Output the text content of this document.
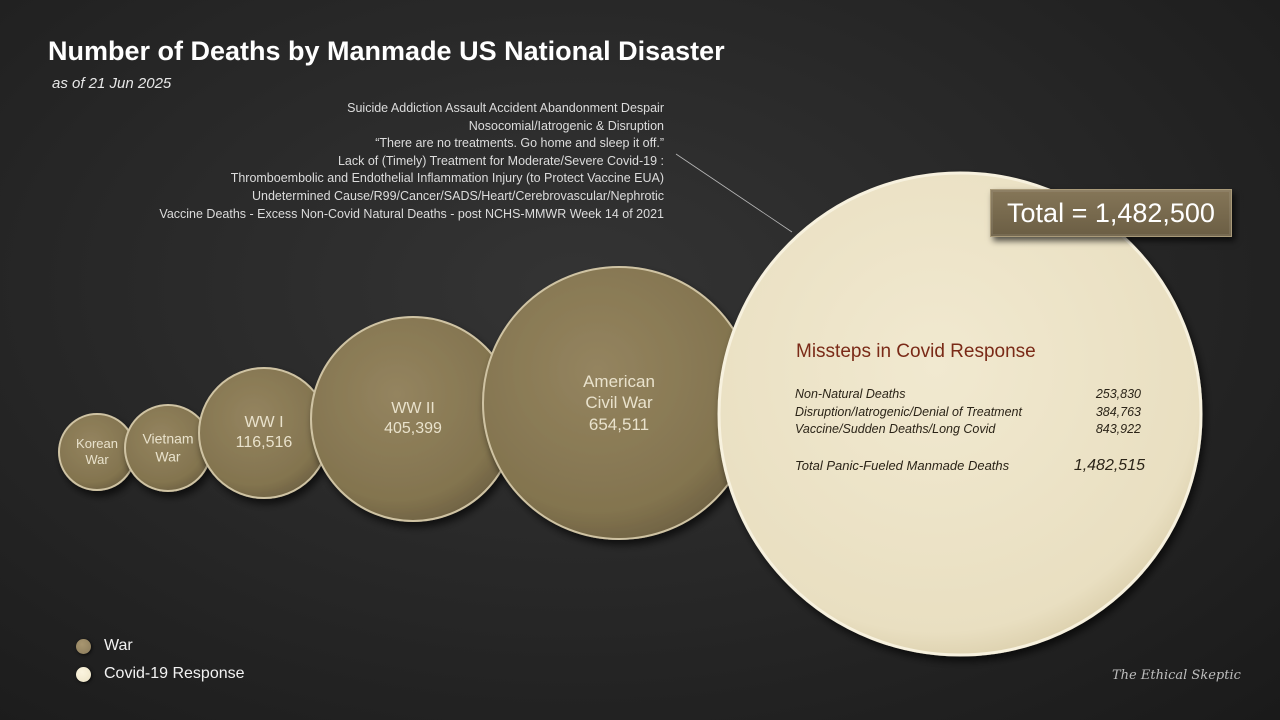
Number of Deaths by Manmade US National Disaster
as of 21 Jun 2025
Suicide Addiction Assault Accident Abandonment Despair
Nosocomial/Iatrogenic & Disruption
“There are no treatments. Go home and sleep it off.”
Lack of (Timely) Treatment for Moderate/Severe Covid-19 :
Thromboembolic and Endothelial Inflammation Injury (to Protect Vaccine EUA)
Undetermined Cause/R99/Cancer/SADS/Heart/Cerebrovascular/Nephrotic
Vaccine Deaths - Excess Non-Covid Natural Deaths - post NCHS-MMWR Week 14 of 2021
Korean
War
Vietnam
War
WW I
116,516
WW II
405,399
American
Civil War
654,511
Total = 1,482,500
Missteps in Covid Response
Non-Natural Deaths	253,830
Disruption/Iatrogenic/Denial of Treatment	384,763
Vaccine/Sudden Deaths/Long Covid	843,922
Total Panic-Fueled Manmade Deaths	1,482,515
War
Covid-19 Response	The Ethical Skeptic
